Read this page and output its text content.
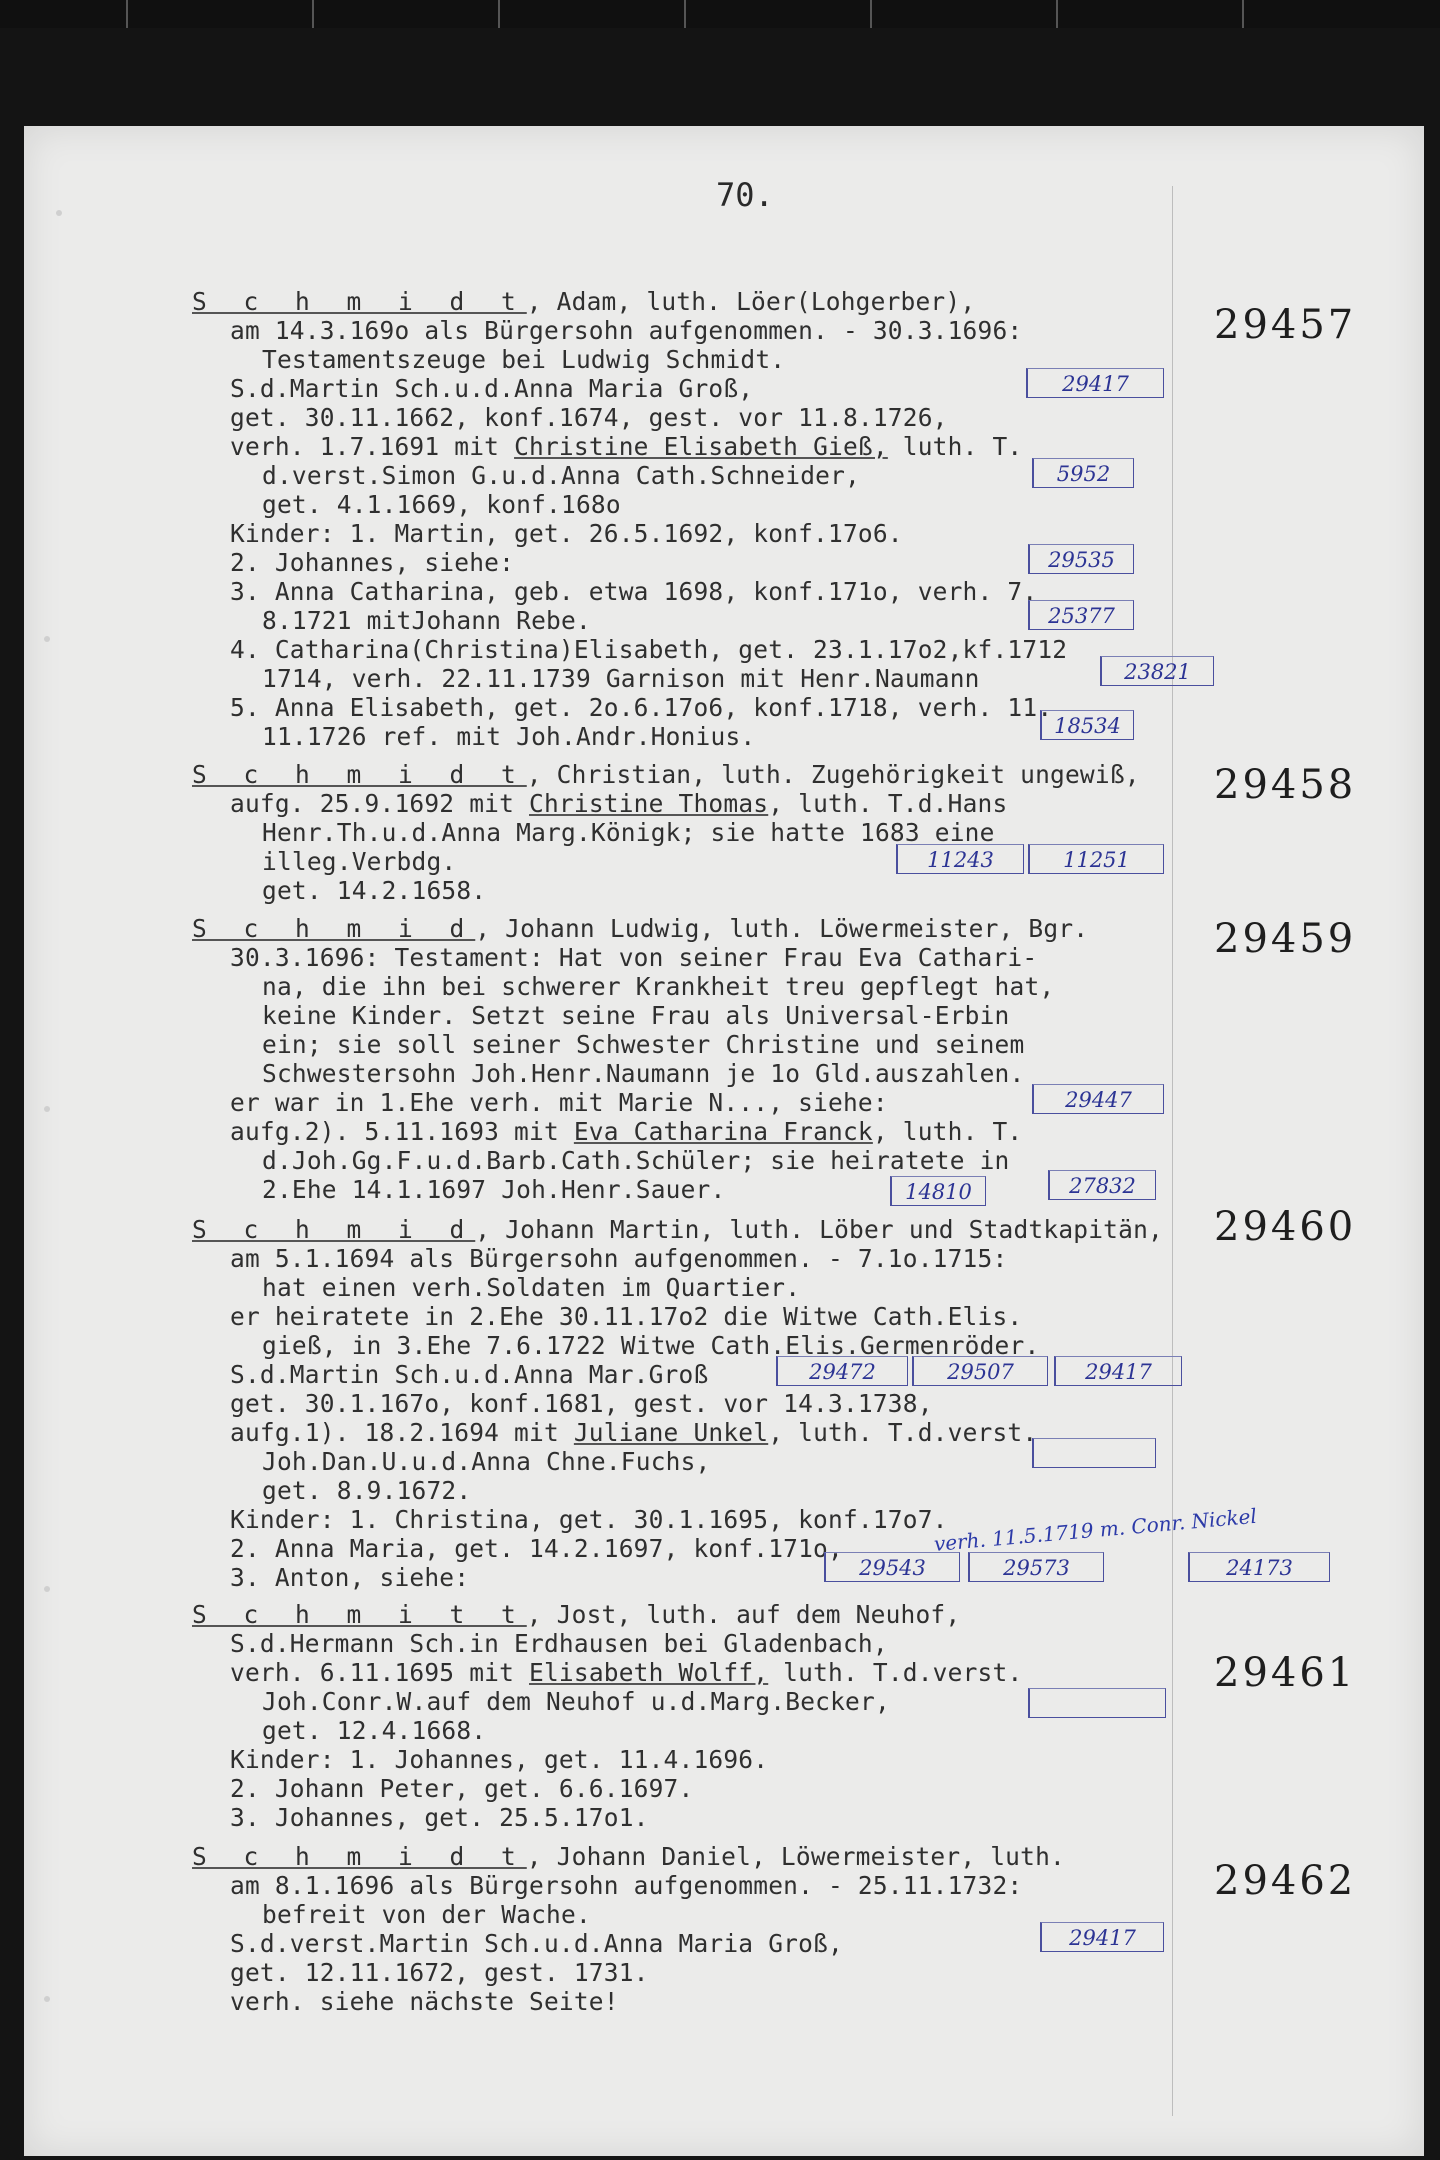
70.
29457
S c h m i d t, Adam, luth. Löer(Lohgerber),
am 14.3.169o als Bürgersohn aufgenommen. - 30.3.1696:
Testamentszeuge bei Ludwig Schmidt.
S.d.Martin Sch.u.d.Anna Maria Groß,
get. 30.11.1662, konf.1674, gest. vor 11.8.1726,
verh. 1.7.1691 mit Christine Elisabeth Gieß, luth. T.
d.verst.Simon G.u.d.Anna Cath.Schneider,
get. 4.1.1669, konf.168o
Kinder: 1. Martin, get. 26.5.1692, konf.17o6.
2. Johannes, siehe:
3. Anna Catharina, geb. etwa 1698, konf.171o, verh. 7.
8.1721 mitJohann Rebe.
4. Catharina(Christina)Elisabeth, get. 23.1.17o2,kf.1712
1714, verh. 22.11.1739 Garnison mit Henr.Naumann
5. Anna Elisabeth, get. 2o.6.17o6, konf.1718, verh. 11.
11.1726 ref. mit Joh.Andr.Honius.
29417
5952
29535
25377
23821
18534
29458
S c h m i d t, Christian, luth. Zugehörigkeit ungewiß,
aufg. 25.9.1692 mit Christine Thomas, luth. T.d.Hans
Henr.Th.u.d.Anna Marg.Königk; sie hatte 1683 eine
illeg.Verbdg.
get. 14.2.1658.
11243	11251
29459
S c h m i d, Johann Ludwig, luth. Löwermeister, Bgr.
30.3.1696: Testament: Hat von seiner Frau Eva Cathari-
na, die ihn bei schwerer Krankheit treu gepflegt hat,
keine Kinder. Setzt seine Frau als Universal-Erbin
ein; sie soll seiner Schwester Christine und seinem
Schwestersohn Joh.Henr.Naumann je 1o Gld.auszahlen.
er war in 1.Ehe verh. mit Marie N..., siehe:
aufg.2). 5.11.1693 mit Eva Catharina Franck, luth. T.
d.Joh.Gg.F.u.d.Barb.Cath.Schüler; sie heiratete in
2.Ehe 14.1.1697 Joh.Henr.Sauer.
29447
14810	27832
29460
S c h m i d, Johann Martin, luth. Löber und Stadtkapitän,
am 5.1.1694 als Bürgersohn aufgenommen. - 7.1o.1715:
hat einen verh.Soldaten im Quartier.
er heiratete in 2.Ehe 30.11.17o2 die Witwe Cath.Elis.
gieß, in 3.Ehe 7.6.1722 Witwe Cath.Elis.Germenröder.
S.d.Martin Sch.u.d.Anna Mar.Groß
get. 30.1.167o, konf.1681, gest. vor 14.3.1738,
aufg.1). 18.2.1694 mit Juliane Unkel, luth. T.d.verst.
Joh.Dan.U.u.d.Anna Chne.Fuchs,
get. 8.9.1672.
Kinder: 1. Christina, get. 30.1.1695, konf.17o7.
2. Anna Maria, get. 14.2.1697, konf.171o,
3. Anton, siehe:
29472	29507	29417
29543	29573	24173
verh. 11.5.1719 m. Conr. Nickel
29461
S c h m i t t, Jost, luth. auf dem Neuhof,
S.d.Hermann Sch.in Erdhausen bei Gladenbach,
verh. 6.11.1695 mit Elisabeth Wolff, luth. T.d.verst.
Joh.Conr.W.auf dem Neuhof u.d.Marg.Becker,
get. 12.4.1668.
Kinder: 1. Johannes, get. 11.4.1696.
2. Johann Peter, get. 6.6.1697.
3. Johannes, get. 25.5.17o1.
29462
S c h m i d t, Johann Daniel, Löwermeister, luth.
am 8.1.1696 als Bürgersohn aufgenommen. - 25.11.1732:
befreit von der Wache.
S.d.verst.Martin Sch.u.d.Anna Maria Groß,
get. 12.11.1672, gest. 1731.
verh. siehe nächste Seite!
29417
